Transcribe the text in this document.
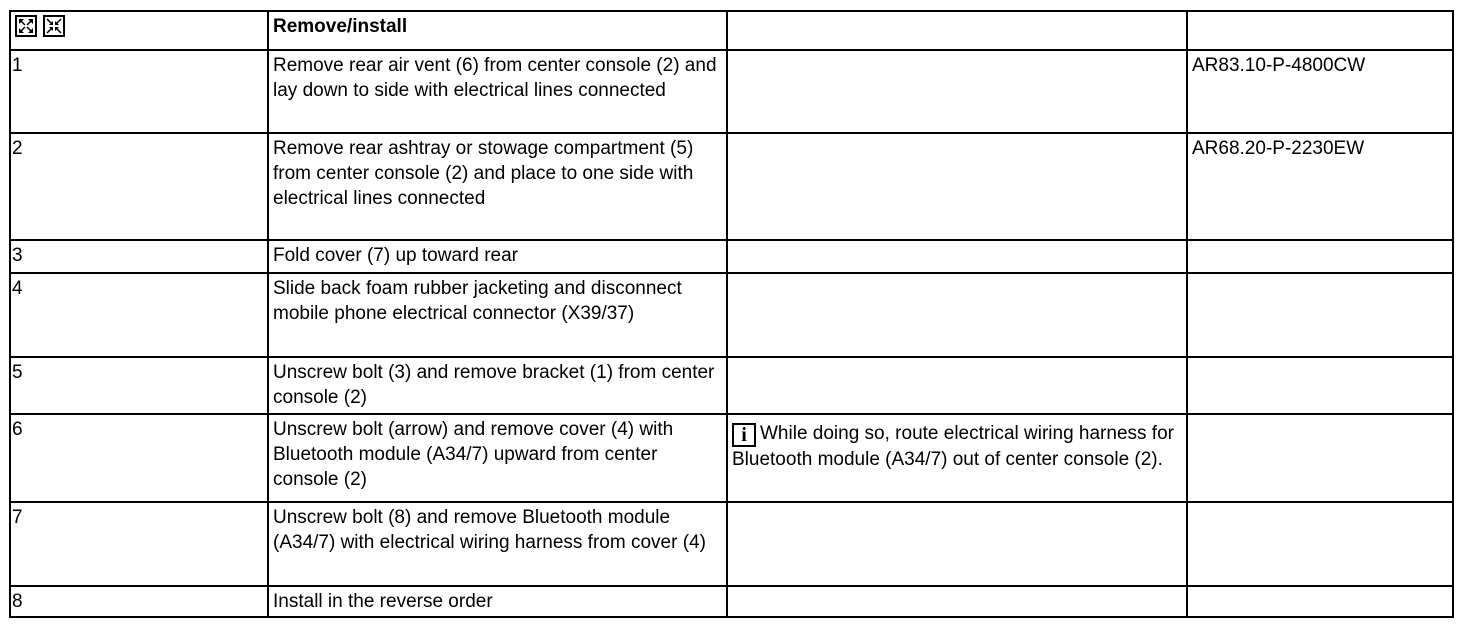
	Remove/install		
1	Remove rear air vent (6) from center console (2) and lay down to side with electrical lines connected		AR83.10-P-4800CW
2	Remove rear ashtray or stowage compartment (5) from center console (2) and place to one side with electrical lines connected		AR68.20-P-2230EW
3	Fold cover (7) up toward rear		
4	Slide back foam rubber jacketing and disconnect mobile phone electrical connector (X39/37)		
5	Unscrew bolt (3) and remove bracket (1) from center console (2)		
6	Unscrew bolt (arrow) and remove cover (4) with Bluetooth module (A34/7) upward from center console (2)	i While doing so, route electrical wiring harness for Bluetooth module (A34/7) out of center console (2).	
7	Unscrew bolt (8) and remove Bluetooth module (A34/7) with electrical wiring harness from cover (4)		
8	Install in the reverse order		
